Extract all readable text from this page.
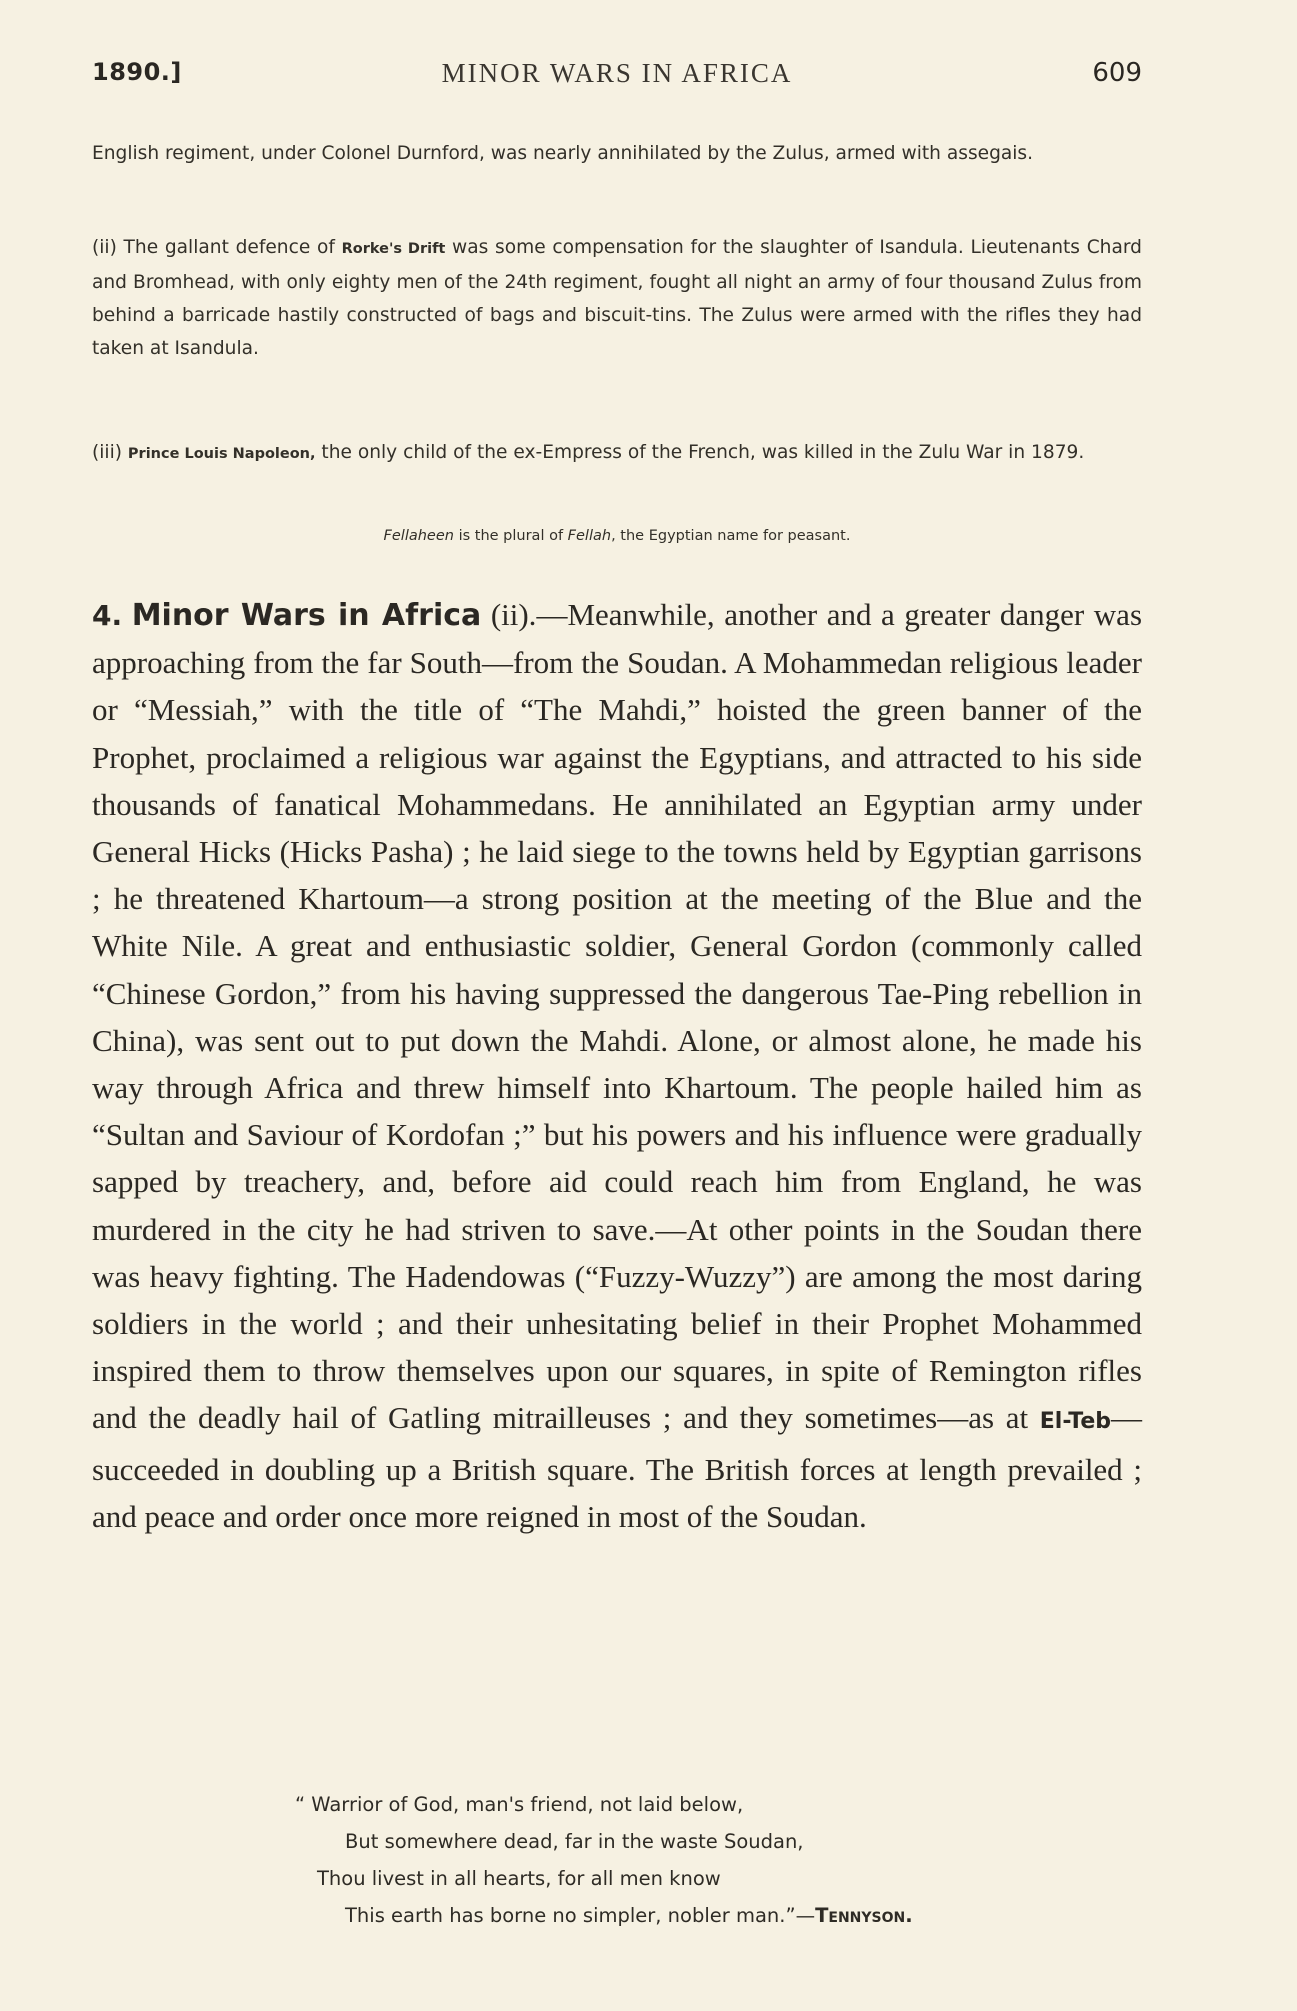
1890.]	MINOR WARS IN AFRICA	609

English regiment, under Colonel Durnford, was nearly annihilated by the Zulus, armed with assegais.

(ii) The gallant defence of Rorke's Drift was some compensation for the slaughter of Isandula. Lieutenants Chard and Bromhead, with only eighty men of the 24th regiment, fought all night an army of four thousand Zulus from behind a barricade hastily constructed of bags and biscuit-tins. The Zulus were armed with the rifles they had taken at Isandula.

(iii) Prince Louis Napoleon, the only child of the ex-Empress of the French, was killed in the Zulu War in 1879.

Fellaheen is the plural of Fellah, the Egyptian name for peasant.

4. Minor Wars in Africa (ii).—Meanwhile, another and a greater danger was approaching from the far South—from the Soudan. A Mohammedan religious leader or “Messiah,” with the title of “The Mahdi,” hoisted the green banner of the Prophet, proclaimed a religious war against the Egyptians, and attracted to his side thousands of fanatical Mohammedans. He annihilated an Egyptian army under General Hicks (Hicks Pasha) ; he laid siege to the towns held by Egyptian garrisons ; he threatened Khartoum—a strong position at the meeting of the Blue and the White Nile. A great and enthusiastic soldier, General Gordon (commonly called “Chinese Gordon,” from his having suppressed the dangerous Tae-Ping rebellion in China), was sent out to put down the Mahdi. Alone, or almost alone, he made his way through Africa and threw himself into Khartoum. The people hailed him as “Sultan and Saviour of Kordofan ;” but his powers and his influence were gradually sapped by treachery, and, before aid could reach him from England, he was murdered in the city he had striven to save.—At other points in the Soudan there was heavy fighting. The Hadendowas (“Fuzzy-Wuzzy”) are among the most daring soldiers in the world ; and their unhesitating belief in their Prophet Mohammed inspired them to throw themselves upon our squares, in spite of Remington rifles and the deadly hail of Gatling mitrailleuses ; and they sometimes—as at El-Teb—succeeded in doubling up a British square. The British forces at length prevailed ; and peace and order once more reigned in most of the Soudan.

“ Warrior of God, man's friend, not laid below,
But somewhere dead, far in the waste Soudan,
Thou livest in all hearts, for all men know
This earth has borne no simpler, nobler man.”—Tennyson.
